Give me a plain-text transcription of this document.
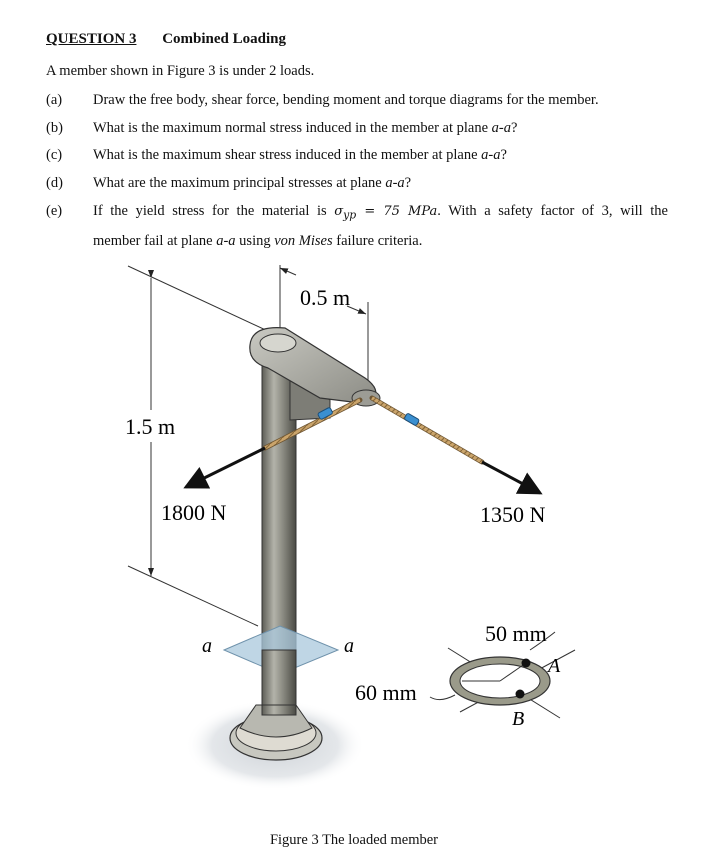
QUESTION 3 Combined Loading
A member shown in Figure 3 is under 2 loads.
(a) Draw the free body, shear force, bending moment and torque diagrams for the member.
(b) What is the maximum normal stress induced in the member at plane a-a?
(c) What is the maximum shear stress induced in the member at plane a-a?
(d) What are the maximum principal stresses at plane a-a?
(e) If the yield stress for the material is $\sigma_{yp} = 75$ MPa. With a safety factor of 3, will the
member fail at plane a-a using von Mises failure criteria.
0.5 m
1.5 m
1800 N	1350 N
a	a	50 mm
60 mm
A
B
Figure 3 The loaded member
